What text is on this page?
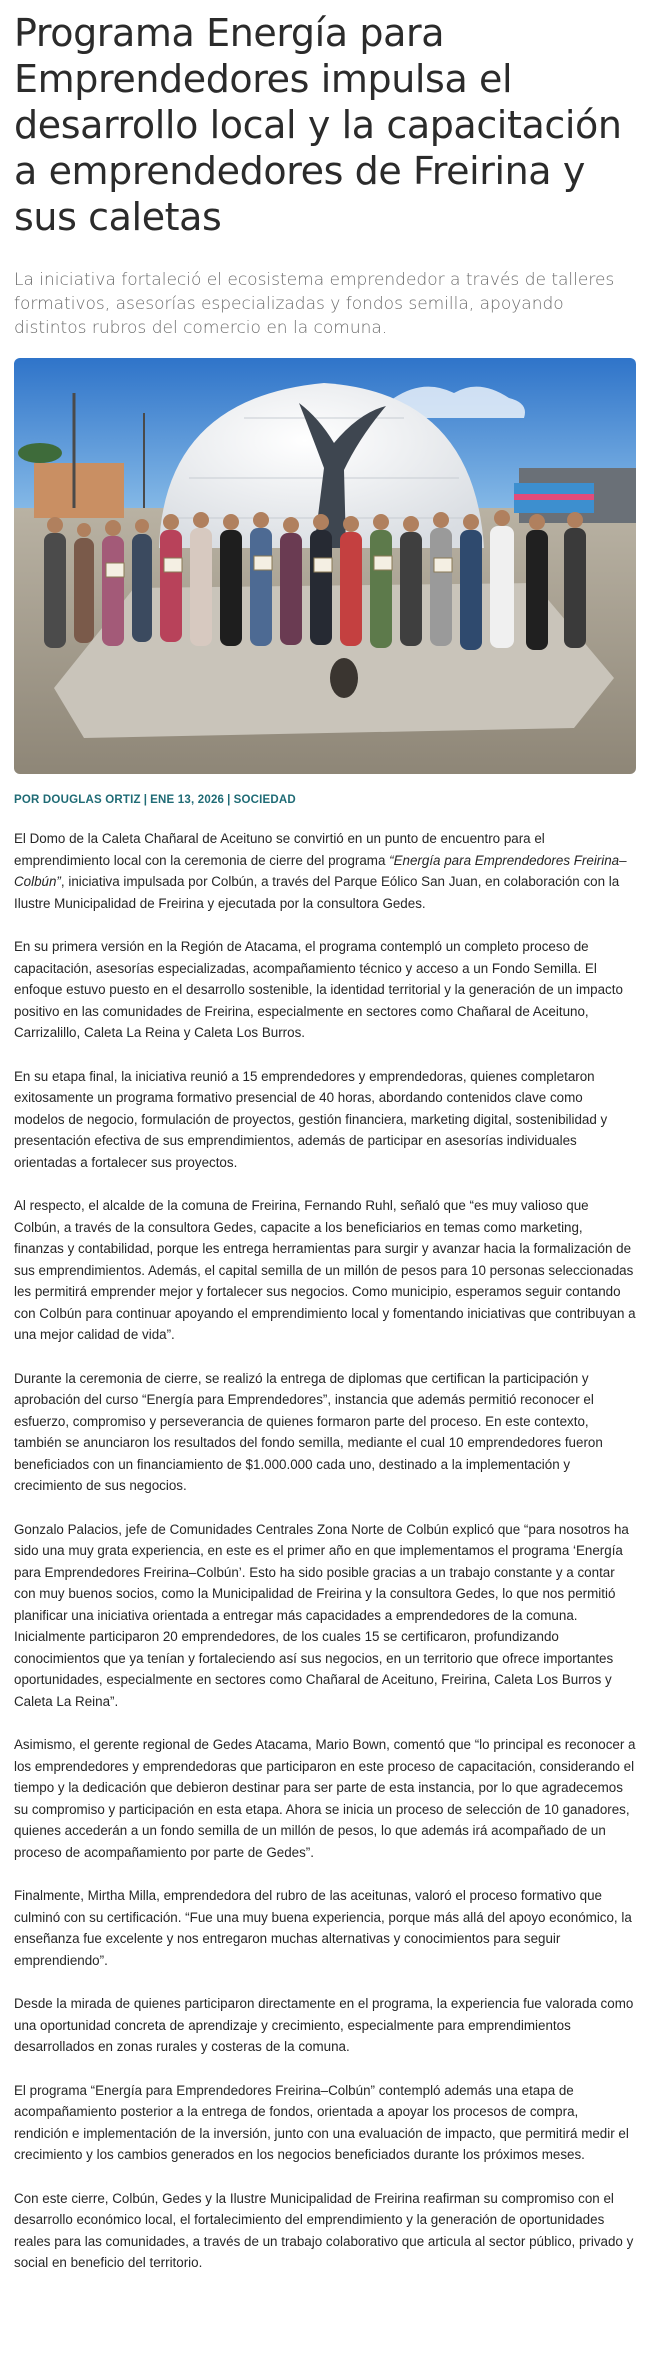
Programa Energía para Emprendedores impulsa el desarrollo local y la capacitación a emprendedores de Freirina y sus caletas

La iniciativa fortaleció el ecosistema emprendedor a través de talleres formativos, asesorías especializadas y fondos semilla, apoyando distintos rubros del comercio en la comuna.

POR DOUGLAS ORTIZ | ENE 13, 2026 | SOCIEDAD

El Domo de la Caleta Chañaral de Aceituno se convirtió en un punto de encuentro para el emprendimiento local con la ceremonia de cierre del programa “Energía para Emprendedores Freirina–Colbún”, iniciativa impulsada por Colbún, a través del Parque Eólico San Juan, en colaboración con la Ilustre Municipalidad de Freirina y ejecutada por la consultora Gedes.

En su primera versión en la Región de Atacama, el programa contempló un completo proceso de capacitación, asesorías especializadas, acompañamiento técnico y acceso a un Fondo Semilla. El enfoque estuvo puesto en el desarrollo sostenible, la identidad territorial y la generación de un impacto positivo en las comunidades de Freirina, especialmente en sectores como Chañaral de Aceituno, Carrizalillo, Caleta La Reina y Caleta Los Burros.

En su etapa final, la iniciativa reunió a 15 emprendedores y emprendedoras, quienes completaron exitosamente un programa formativo presencial de 40 horas, abordando contenidos clave como modelos de negocio, formulación de proyectos, gestión financiera, marketing digital, sostenibilidad y presentación efectiva de sus emprendimientos, además de participar en asesorías individuales orientadas a fortalecer sus proyectos.

Al respecto, el alcalde de la comuna de Freirina, Fernando Ruhl, señaló que “es muy valioso que Colbún, a través de la consultora Gedes, capacite a los beneficiarios en temas como marketing, finanzas y contabilidad, porque les entrega herramientas para surgir y avanzar hacia la formalización de sus emprendimientos. Además, el capital semilla de un millón de pesos para 10 personas seleccionadas les permitirá emprender mejor y fortalecer sus negocios. Como municipio, esperamos seguir contando con Colbún para continuar apoyando el emprendimiento local y fomentando iniciativas que contribuyan a una mejor calidad de vida”.

Durante la ceremonia de cierre, se realizó la entrega de diplomas que certifican la participación y aprobación del curso “Energía para Emprendedores”, instancia que además permitió reconocer el esfuerzo, compromiso y perseverancia de quienes formaron parte del proceso. En este contexto, también se anunciaron los resultados del fondo semilla, mediante el cual 10 emprendedores fueron beneficiados con un financiamiento de $1.000.000 cada uno, destinado a la implementación y crecimiento de sus negocios.

Gonzalo Palacios, jefe de Comunidades Centrales Zona Norte de Colbún explicó que “para nosotros ha sido una muy grata experiencia, en este es el primer año en que implementamos el programa ‘Energía para Emprendedores Freirina–Colbún’. Esto ha sido posible gracias a un trabajo constante y a contar con muy buenos socios, como la Municipalidad de Freirina y la consultora Gedes, lo que nos permitió planificar una iniciativa orientada a entregar más capacidades a emprendedores de la comuna. Inicialmente participaron 20 emprendedores, de los cuales 15 se certificaron, profundizando conocimientos que ya tenían y fortaleciendo así sus negocios, en un territorio que ofrece importantes oportunidades, especialmente en sectores como Chañaral de Aceituno, Freirina, Caleta Los Burros y Caleta La Reina”.

Asimismo, el gerente regional de Gedes Atacama, Mario Bown, comentó que “lo principal es reconocer a los emprendedores y emprendedoras que participaron en este proceso de capacitación, considerando el tiempo y la dedicación que debieron destinar para ser parte de esta instancia, por lo que agradecemos su compromiso y participación en esta etapa. Ahora se inicia un proceso de selección de 10 ganadores, quienes accederán a un fondo semilla de un millón de pesos, lo que además irá acompañado de un proceso de acompañamiento por parte de Gedes”.

Finalmente, Mirtha Milla, emprendedora del rubro de las aceitunas, valoró el proceso formativo que culminó con su certificación. “Fue una muy buena experiencia, porque más allá del apoyo económico, la enseñanza fue excelente y nos entregaron muchas alternativas y conocimientos para seguir emprendiendo”.

Desde la mirada de quienes participaron directamente en el programa, la experiencia fue valorada como una oportunidad concreta de aprendizaje y crecimiento, especialmente para emprendimientos desarrollados en zonas rurales y costeras de la comuna.

El programa “Energía para Emprendedores Freirina–Colbún” contempló además una etapa de acompañamiento posterior a la entrega de fondos, orientada a apoyar los procesos de compra, rendición e implementación de la inversión, junto con una evaluación de impacto, que permitirá medir el crecimiento y los cambios generados en los negocios beneficiados durante los próximos meses.

Con este cierre, Colbún, Gedes y la Ilustre Municipalidad de Freirina reafirman su compromiso con el desarrollo económico local, el fortalecimiento del emprendimiento y la generación de oportunidades reales para las comunidades, a través de un trabajo colaborativo que articula al sector público, privado y social en beneficio del territorio.
